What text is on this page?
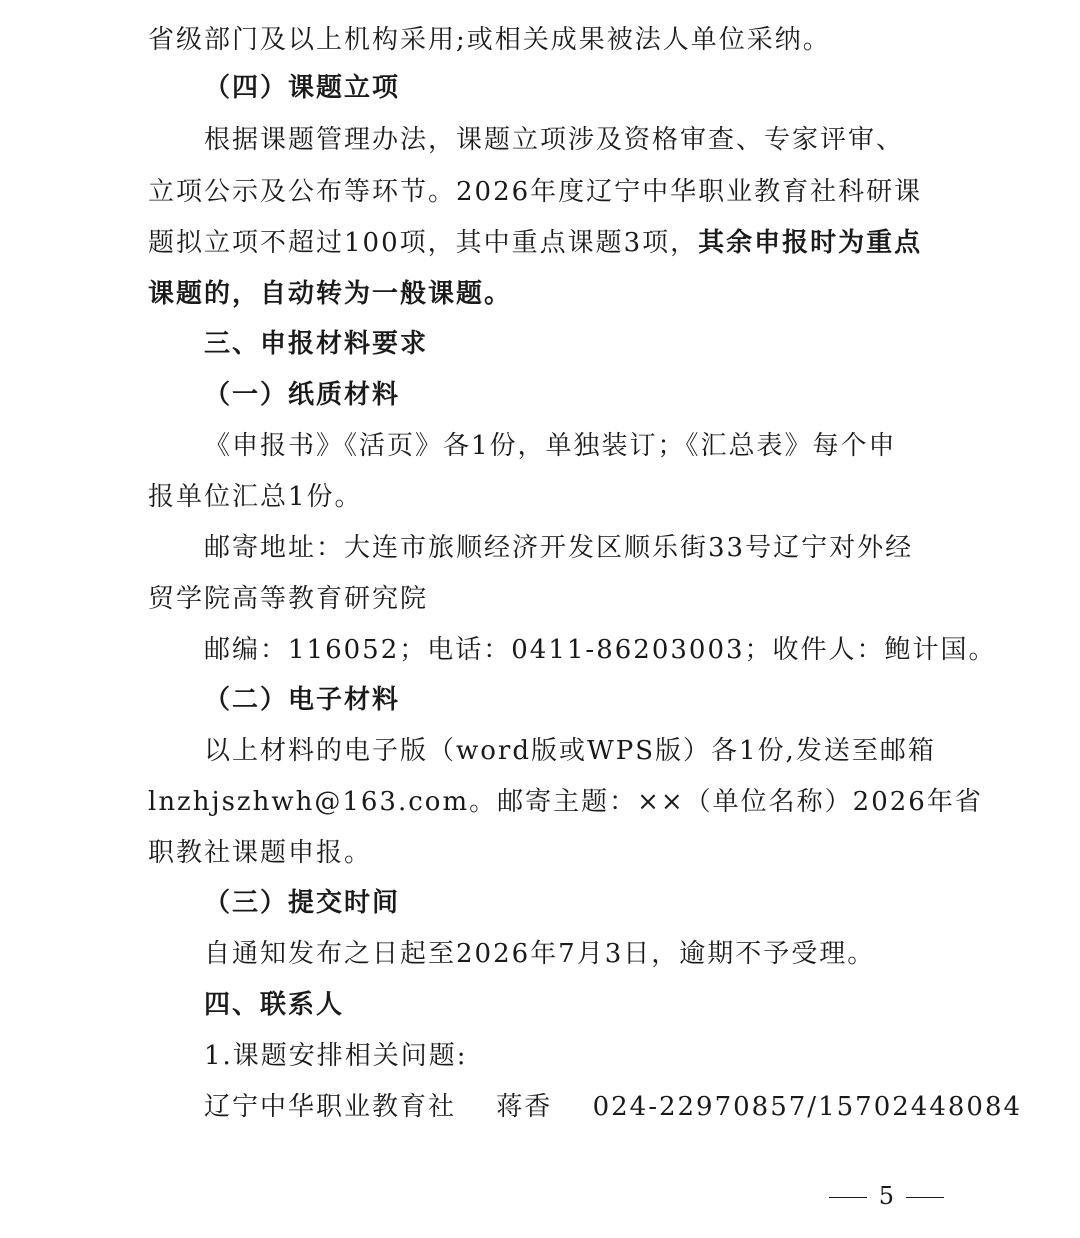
省级部门及以上机构采用;或相关成果被法人单位采纳。
（四）课题立项
根据课题管理办法，课题立项涉及资格审查、专家评审、
立项公示及公布等环节。2026年度辽宁中华职业教育社科研课
题拟立项不超过100项，其中重点课题3项，其余申报时为重点
课题的，自动转为一般课题。
三、申报材料要求
（一）纸质材料
《申报书》《活页》各1份，单独装订；《汇总表》每个申
报单位汇总1份。
邮寄地址：大连市旅顺经济开发区顺乐街33号辽宁对外经
贸学院高等教育研究院
邮编：116052；电话：0411-86203003；收件人：鲍计国。
（二）电子材料
以上材料的电子版（word版或WPS版）各1份,发送至邮箱
lnzhjszhwh@163.com。邮寄主题：××（单位名称）2026年省
职教社课题申报。
（三）提交时间
自通知发布之日起至2026年7月3日，逾期不予受理。
四、联系人
1.课题安排相关问题:
辽宁中华职业教育社 蒋香 024-22970857/15702448084
5
